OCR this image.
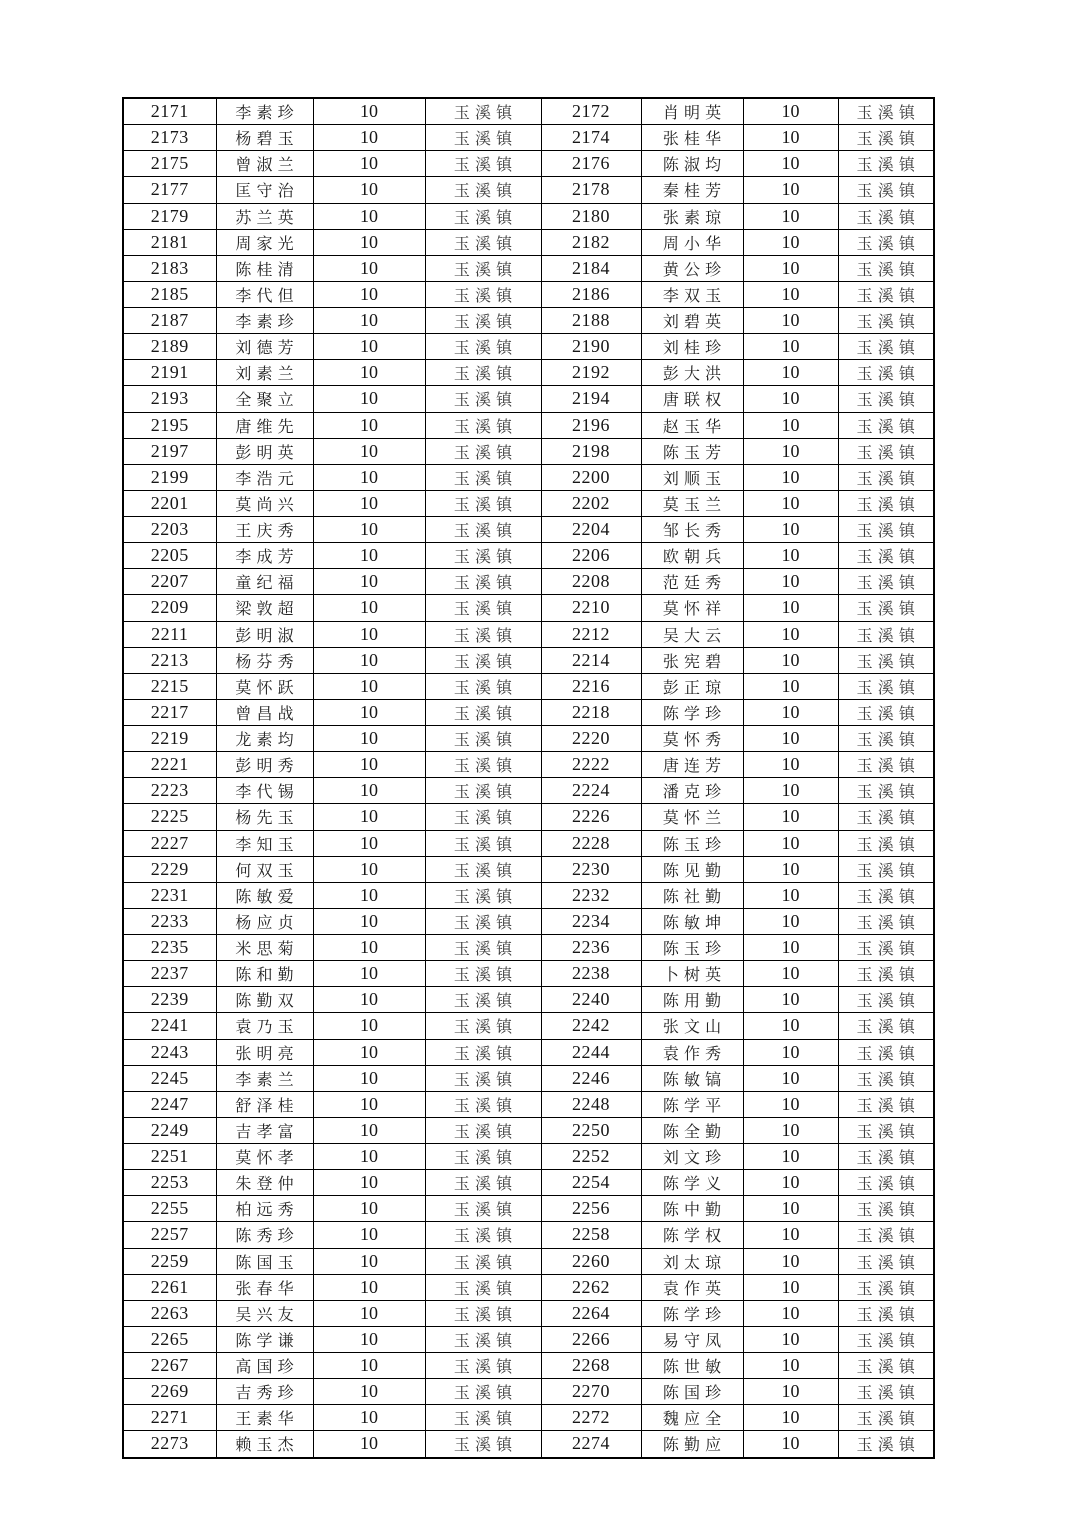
2171	李素珍	10	玉溪镇	2172	肖明英	10	玉溪镇
2173	杨碧玉	10	玉溪镇	2174	张桂华	10	玉溪镇
2175	曾淑兰	10	玉溪镇	2176	陈淑均	10	玉溪镇
2177	匡守治	10	玉溪镇	2178	秦桂芳	10	玉溪镇
2179	苏兰英	10	玉溪镇	2180	张素琼	10	玉溪镇
2181	周家光	10	玉溪镇	2182	周小华	10	玉溪镇
2183	陈桂清	10	玉溪镇	2184	黄公珍	10	玉溪镇
2185	李代但	10	玉溪镇	2186	李双玉	10	玉溪镇
2187	李素珍	10	玉溪镇	2188	刘碧英	10	玉溪镇
2189	刘德芳	10	玉溪镇	2190	刘桂珍	10	玉溪镇
2191	刘素兰	10	玉溪镇	2192	彭大洪	10	玉溪镇
2193	全聚立	10	玉溪镇	2194	唐联权	10	玉溪镇
2195	唐维先	10	玉溪镇	2196	赵玉华	10	玉溪镇
2197	彭明英	10	玉溪镇	2198	陈玉芳	10	玉溪镇
2199	李浩元	10	玉溪镇	2200	刘顺玉	10	玉溪镇
2201	莫尚兴	10	玉溪镇	2202	莫玉兰	10	玉溪镇
2203	王庆秀	10	玉溪镇	2204	邹长秀	10	玉溪镇
2205	李成芳	10	玉溪镇	2206	欧朝兵	10	玉溪镇
2207	童纪福	10	玉溪镇	2208	范廷秀	10	玉溪镇
2209	梁敦超	10	玉溪镇	2210	莫怀祥	10	玉溪镇
2211	彭明淑	10	玉溪镇	2212	吴大云	10	玉溪镇
2213	杨芬秀	10	玉溪镇	2214	张宪碧	10	玉溪镇
2215	莫怀跃	10	玉溪镇	2216	彭正琼	10	玉溪镇
2217	曾昌战	10	玉溪镇	2218	陈学珍	10	玉溪镇
2219	龙素均	10	玉溪镇	2220	莫怀秀	10	玉溪镇
2221	彭明秀	10	玉溪镇	2222	唐连芳	10	玉溪镇
2223	李代锡	10	玉溪镇	2224	潘克珍	10	玉溪镇
2225	杨先玉	10	玉溪镇	2226	莫怀兰	10	玉溪镇
2227	李知玉	10	玉溪镇	2228	陈玉珍	10	玉溪镇
2229	何双玉	10	玉溪镇	2230	陈见勤	10	玉溪镇
2231	陈敏爱	10	玉溪镇	2232	陈社勤	10	玉溪镇
2233	杨应贞	10	玉溪镇	2234	陈敏坤	10	玉溪镇
2235	米思菊	10	玉溪镇	2236	陈玉珍	10	玉溪镇
2237	陈和勤	10	玉溪镇	2238	卜树英	10	玉溪镇
2239	陈勤双	10	玉溪镇	2240	陈用勤	10	玉溪镇
2241	袁乃玉	10	玉溪镇	2242	张文山	10	玉溪镇
2243	张明亮	10	玉溪镇	2244	袁作秀	10	玉溪镇
2245	李素兰	10	玉溪镇	2246	陈敏镐	10	玉溪镇
2247	舒泽桂	10	玉溪镇	2248	陈学平	10	玉溪镇
2249	吉孝富	10	玉溪镇	2250	陈全勤	10	玉溪镇
2251	莫怀孝	10	玉溪镇	2252	刘文珍	10	玉溪镇
2253	朱登仲	10	玉溪镇	2254	陈学义	10	玉溪镇
2255	柏远秀	10	玉溪镇	2256	陈中勤	10	玉溪镇
2257	陈秀珍	10	玉溪镇	2258	陈学权	10	玉溪镇
2259	陈国玉	10	玉溪镇	2260	刘太琼	10	玉溪镇
2261	张春华	10	玉溪镇	2262	袁作英	10	玉溪镇
2263	吴兴友	10	玉溪镇	2264	陈学珍	10	玉溪镇
2265	陈学谦	10	玉溪镇	2266	易守凤	10	玉溪镇
2267	高国珍	10	玉溪镇	2268	陈世敏	10	玉溪镇
2269	吉秀珍	10	玉溪镇	2270	陈国珍	10	玉溪镇
2271	王素华	10	玉溪镇	2272	魏应全	10	玉溪镇
2273	赖玉杰	10	玉溪镇	2274	陈勤应	10	玉溪镇
